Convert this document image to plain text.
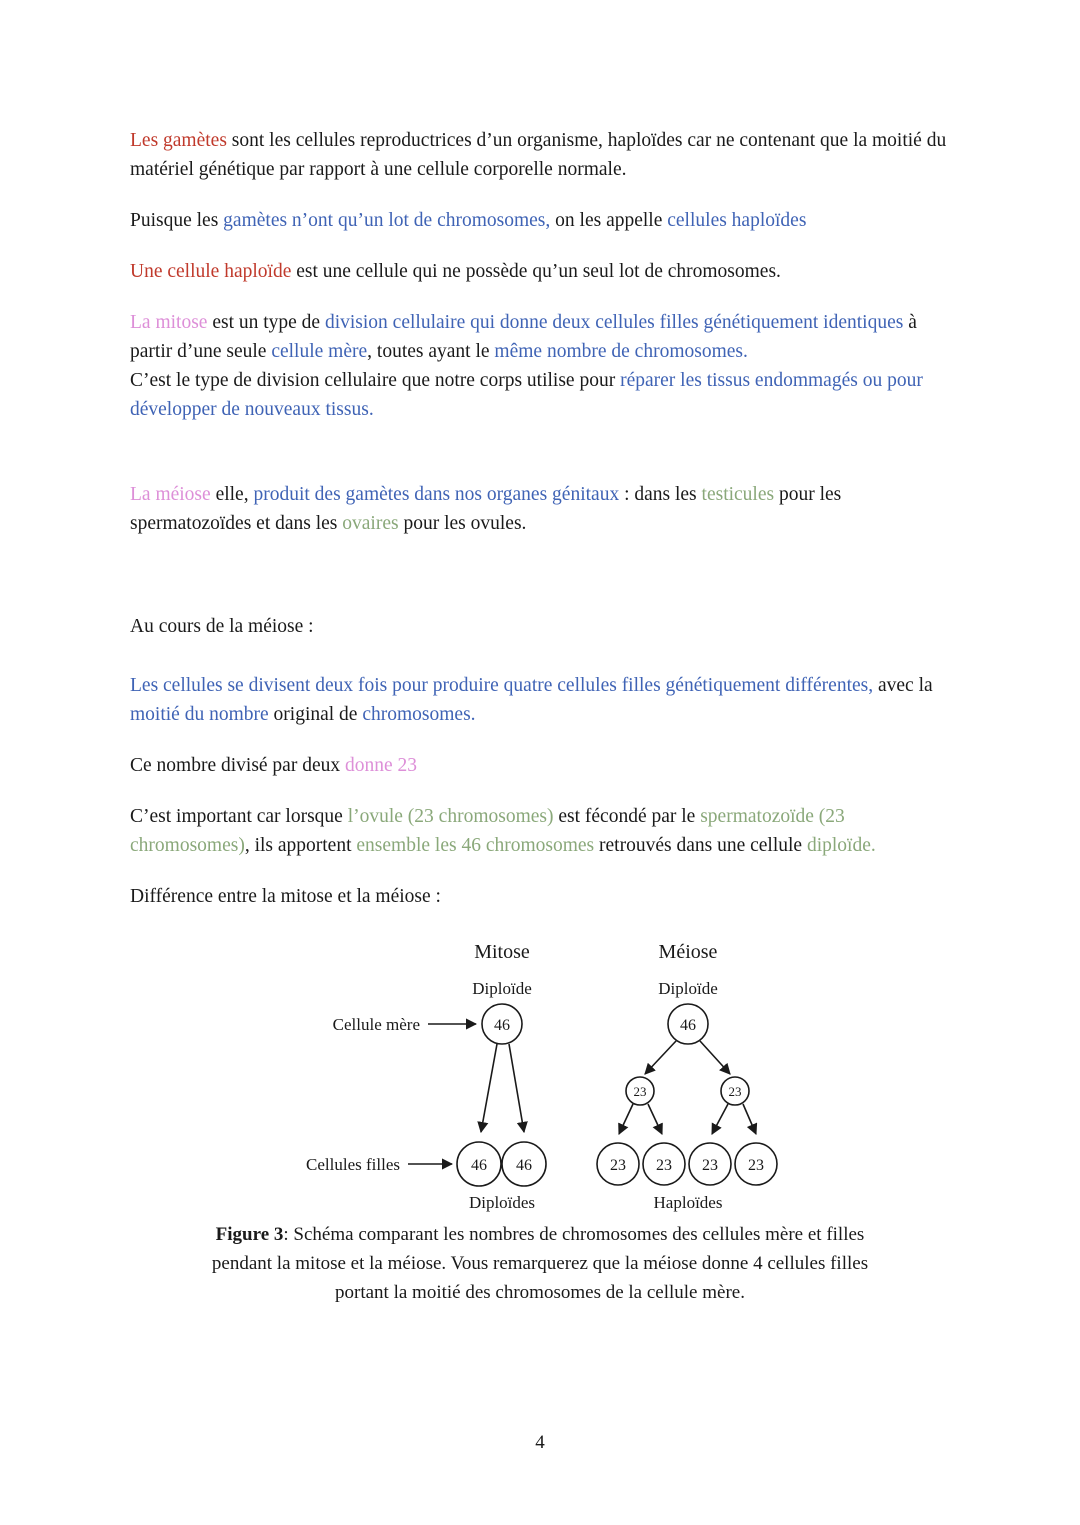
Les gamètes sont les cellules reproductrices d’un organisme, haploïdes car ne contenant que la moitié du matériel génétique par rapport à une cellule corporelle normale.

Puisque les gamètes n’ont qu’un lot de chromosomes, on les appelle cellules haploïdes

Une cellule haploïde est une cellule qui ne possède qu’un seul lot de chromosomes.

La mitose est un type de division cellulaire qui donne deux cellules filles génétiquement identiques à partir d’une seule cellule mère, toutes ayant le même nombre de chromosomes.

C’est le type de division cellulaire que notre corps utilise pour réparer les tissus endommagés ou pour développer de nouveaux tissus.

La méiose elle, produit des gamètes dans nos organes génitaux : dans les testicules pour les spermatozoïdes et dans les ovaires pour les ovules.

Au cours de la méiose :

Les cellules se divisent deux fois pour produire quatre cellules filles génétiquement différentes, avec la moitié du nombre original de chromosomes.

Ce nombre divisé par deux donne 23

C’est important car lorsque l’ovule (23 chromosomes) est fécondé par le spermatozoïde (23 chromosomes), ils apportent ensemble les 46 chromosomes retrouvés dans une cellule diploïde.

Différence entre la mitose et la méiose :

Mitose	Méiose
Diploïde	Diploïde
Cellule mère
Cellules filles
46
46 46
Diploïdes
46
23	23
23 23 23 23
Haploïdes
Figure 3: Schéma comparant les nombres de chromosomes des cellules mère et filles pendant la mitose et la méiose. Vous remarquerez que la méiose donne 4 cellules filles portant la moitié des chromosomes de la cellule mère.
4
